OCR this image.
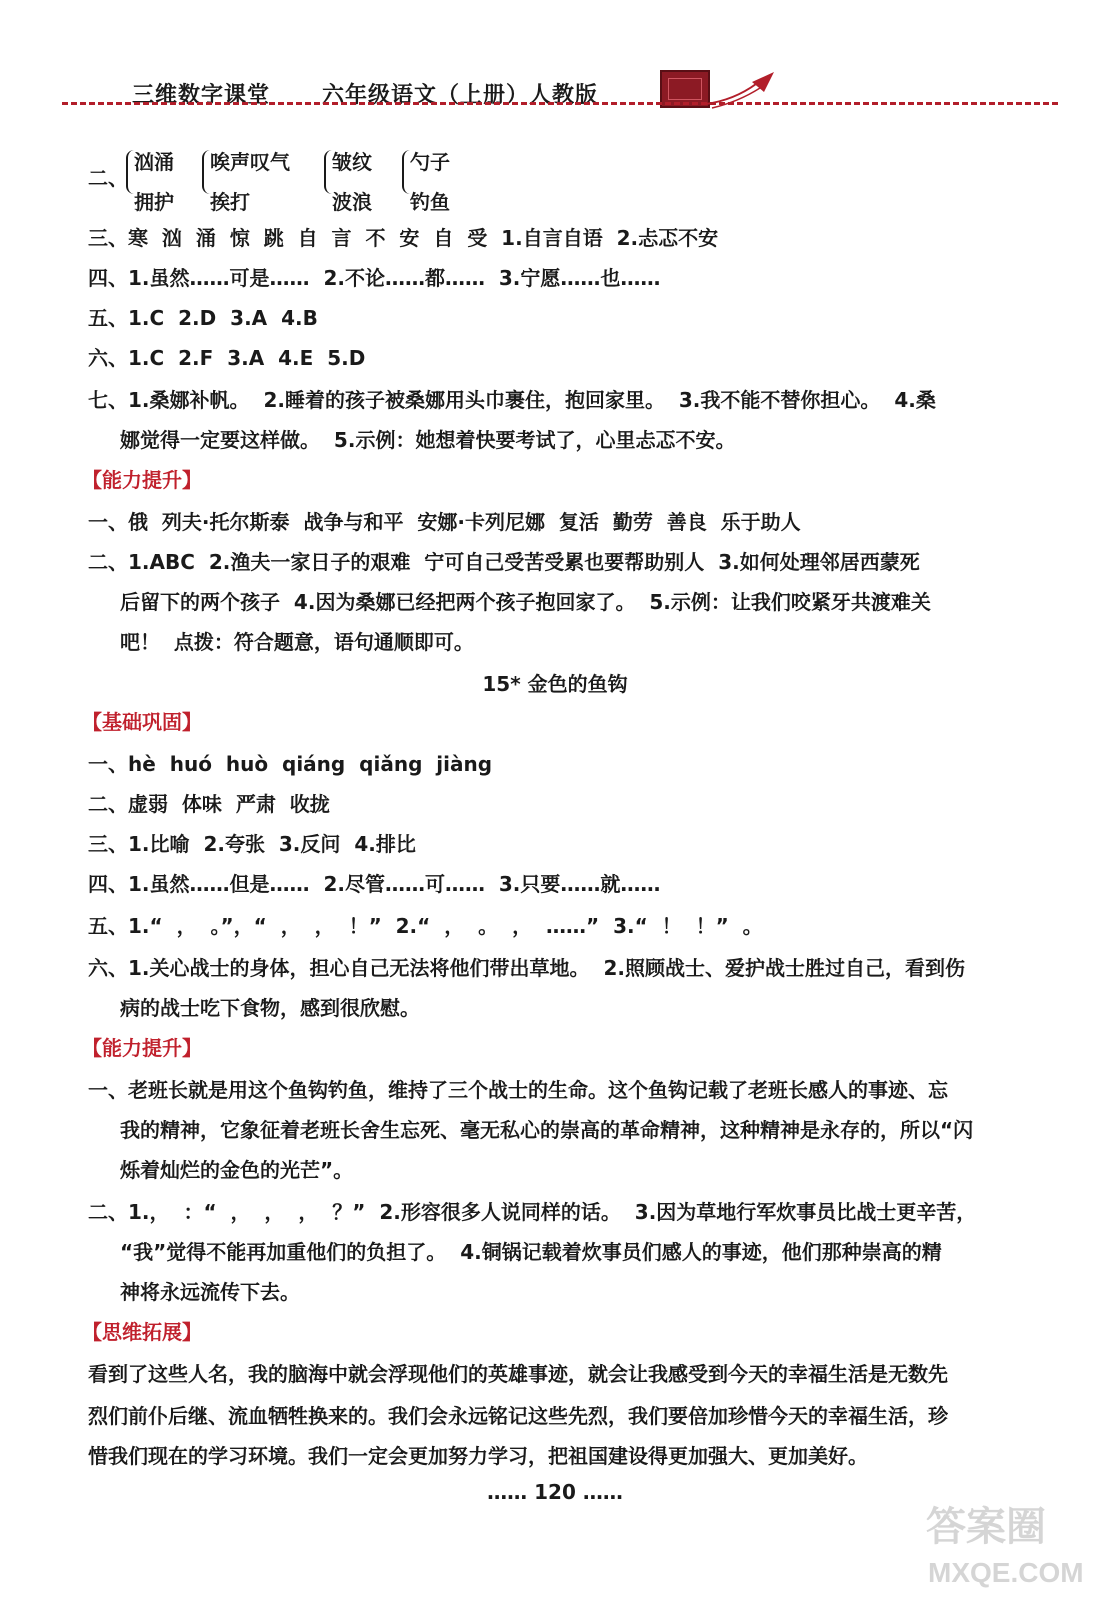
三维数字课堂 六年级语文（上册）人教版
二、
汹涌
拥护
唉声叹气
挨打
皱纹
波浪
勺子
钓鱼
三、寒  汹  涌  惊  跳  自  言  不  安  自  受  1.自言自语  2.忐忑不安
四、1.虽然……可是……  2.不论……都……  3.宁愿……也……
五、1.C  2.D  3.A  4.B
六、1.C  2.F  3.A  4.E  5.D
七、1.桑娜补帆。  2.睡着的孩子被桑娜用头巾裹住，抱回家里。  3.我不能不替你担心。  4.桑
娜觉得一定要这样做。  5.示例：她想着快要考试了，心里忐忑不安。
【能力提升】
一、俄  列夫·托尔斯泰  战争与和平  安娜·卡列尼娜  复活  勤劳  善良  乐于助人
二、1.ABC  2.渔夫一家日子的艰难  宁可自己受苦受累也要帮助别人  3.如何处理邻居西蒙死
后留下的两个孩子  4.因为桑娜已经把两个孩子抱回家了。  5.示例：让我们咬紧牙共渡难关
吧！  点拨：符合题意，语句通顺即可。
15* 金色的鱼钩
【基础巩固】
一、hè  huó  huò  qiáng  qiǎng  jiàng
二、虚弱  体味  严肃  收拢
三、1.比喻  2.夸张  3.反问  4.排比
四、1.虽然……但是……  2.尽管……可……  3.只要……就……
五、1.“  ，  。”，“  ，  ，  ！”  2.“  ，  。  ，  ……”  3.“  ！  ！”  。
六、1.关心战士的身体，担心自己无法将他们带出草地。  2.照顾战士、爱护战士胜过自己，看到伤
病的战士吃下食物，感到很欣慰。
【能力提升】
一、老班长就是用这个鱼钩钓鱼，维持了三个战士的生命。这个鱼钩记载了老班长感人的事迹、忘
我的精神，它象征着老班长舍生忘死、毫无私心的崇高的革命精神，这种精神是永存的，所以“闪
烁着灿烂的金色的光芒”。
二、1.，  ：“  ，  ，  ，  ？”  2.形容很多人说同样的话。  3.因为草地行军炊事员比战士更辛苦，
“我”觉得不能再加重他们的负担了。  4.铜锅记载着炊事员们感人的事迹，他们那种崇高的精
神将永远流传下去。
【思维拓展】
看到了这些人名，我的脑海中就会浮现他们的英雄事迹，就会让我感受到今天的幸福生活是无数先
烈们前仆后继、流血牺牲换来的。我们会永远铭记这些先烈，我们要倍加珍惜今天的幸福生活，珍
惜我们现在的学习环境。我们一定会更加努力学习，把祖国建设得更加强大、更加美好。
…… 120 ……
答案圈
MXQE.COM
